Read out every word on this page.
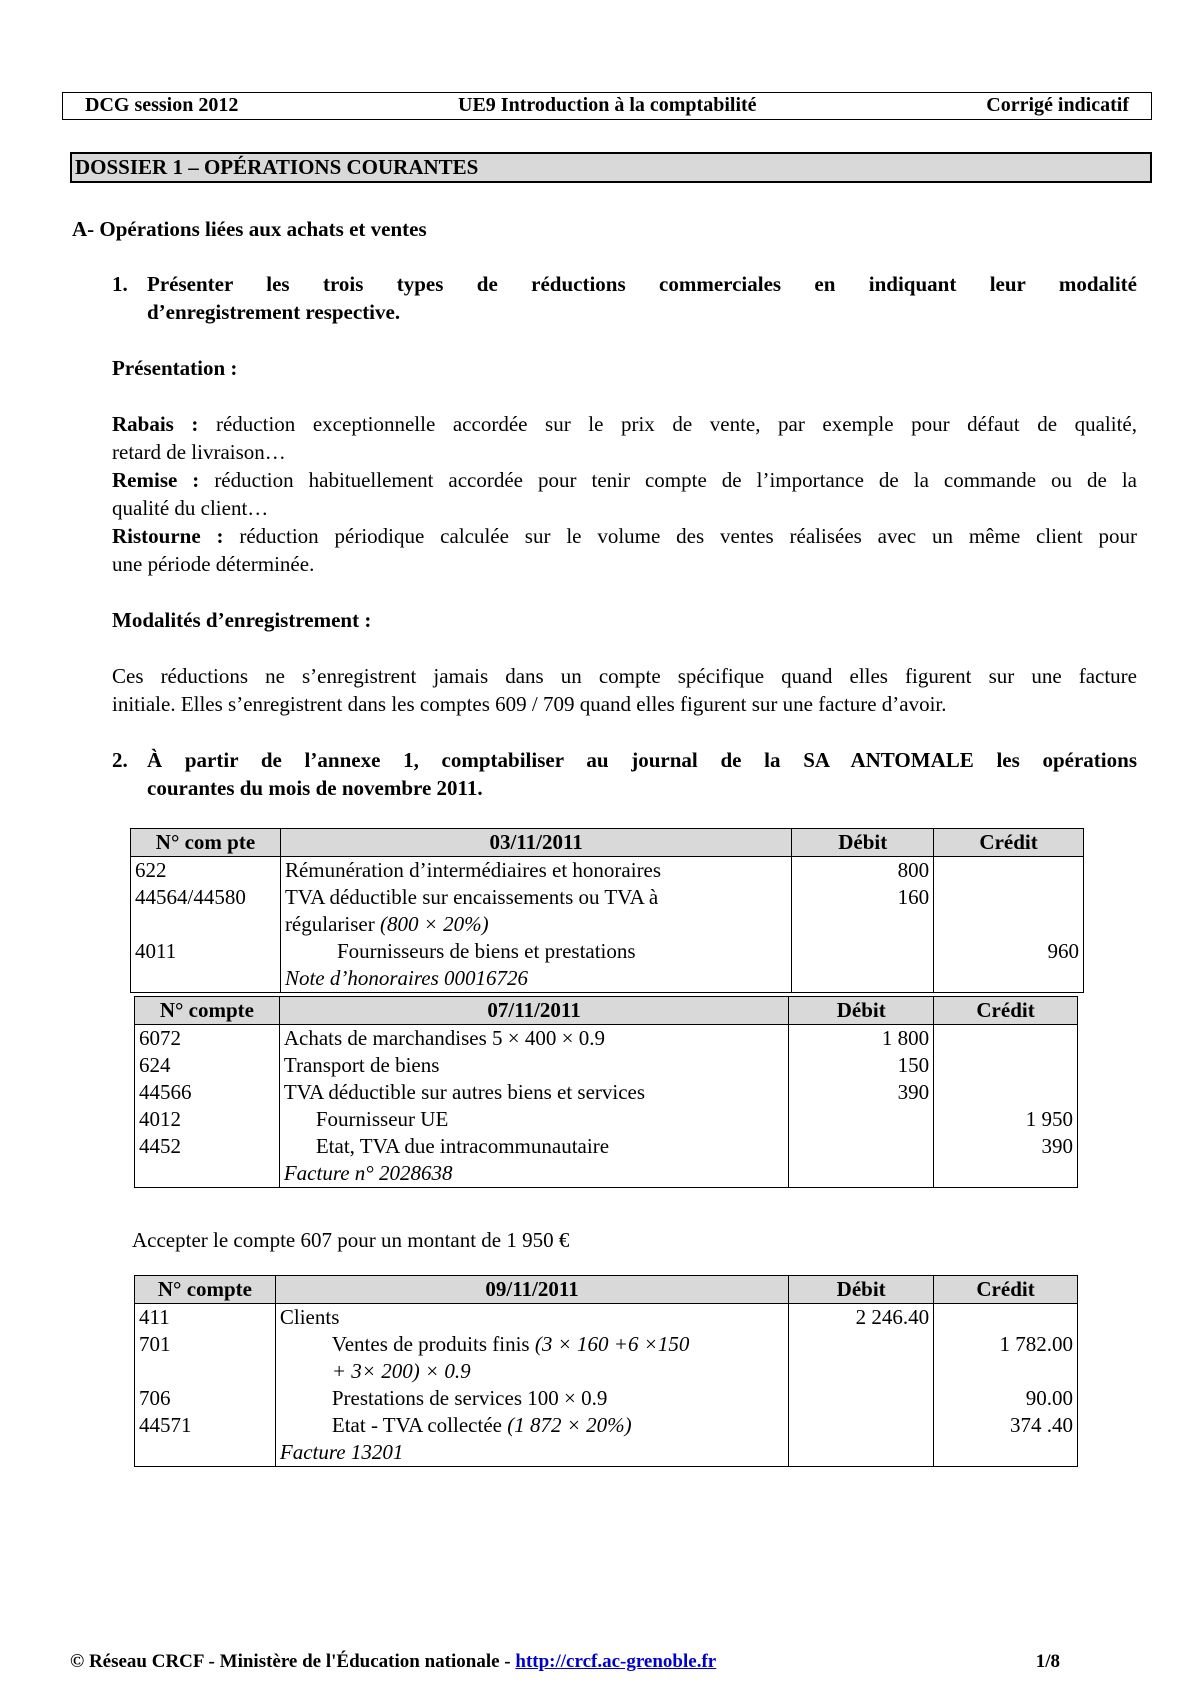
DCG session 2012	UE9 Introduction à la comptabilité	Corrigé indicatif
DOSSIER 1 – OPÉRATIONS COURANTES
A- Opérations liées aux achats et ventes
1. Présenter les trois types de réductions commerciales en indiquant leur modalité
d’enregistrement respective.
Présentation :
Rabais : réduction exceptionnelle accordée sur le prix de vente, par exemple pour défaut de qualité,
retard de livraison…
Remise : réduction habituellement accordée pour tenir compte de l’importance de la commande ou de la
qualité du client…
Ristourne : réduction périodique calculée sur le volume des ventes réalisées avec un même client pour
une période déterminée.
Modalités d’enregistrement :
Ces réductions ne s’enregistrent jamais dans un compte spécifique quand elles figurent sur une facture
initiale. Elles s’enregistrent dans les comptes 609 / 709 quand elles figurent sur une facture d’avoir.
2. À partir de l’annexe 1, comptabiliser au journal de la SA ANTOMALE les opérations
courantes du mois de novembre 2011.
N° com pte	03/11/2011	Débit	Crédit
622	Rémunération d’intermédiaires et honoraires	800	
44564/44580	TVA déductible sur encaissements ou TVA à	160	
	régulariser (800 × 20%)		
4011	Fournisseurs de biens et prestations		960
	Note d’honoraires 00016726		
N° compte	07/11/2011	Débit	Crédit
6072	Achats de marchandises 5 × 400 × 0.9	1 800	
624	Transport de biens	150	
44566	TVA déductible sur autres biens et services	390	
4012	Fournisseur UE		1 950
4452	Etat, TVA due intracommunautaire		390
	Facture n° 2028638		
Accepter le compte 607 pour un montant de 1 950 €
N° compte	09/11/2011	Débit	Crédit
411	Clients	2 246.40	
701	Ventes de produits finis (3 × 160 +6 ×150		1 782.00
	+ 3× 200) × 0.9		
706	Prestations de services 100 × 0.9		90.00
44571	Etat - TVA collectée (1 872 × 20%)		374 .40
	Facture 13201		
© Réseau CRCF - Ministère de l'Éducation nationale - http://crcf.ac-grenoble.fr	1/8
